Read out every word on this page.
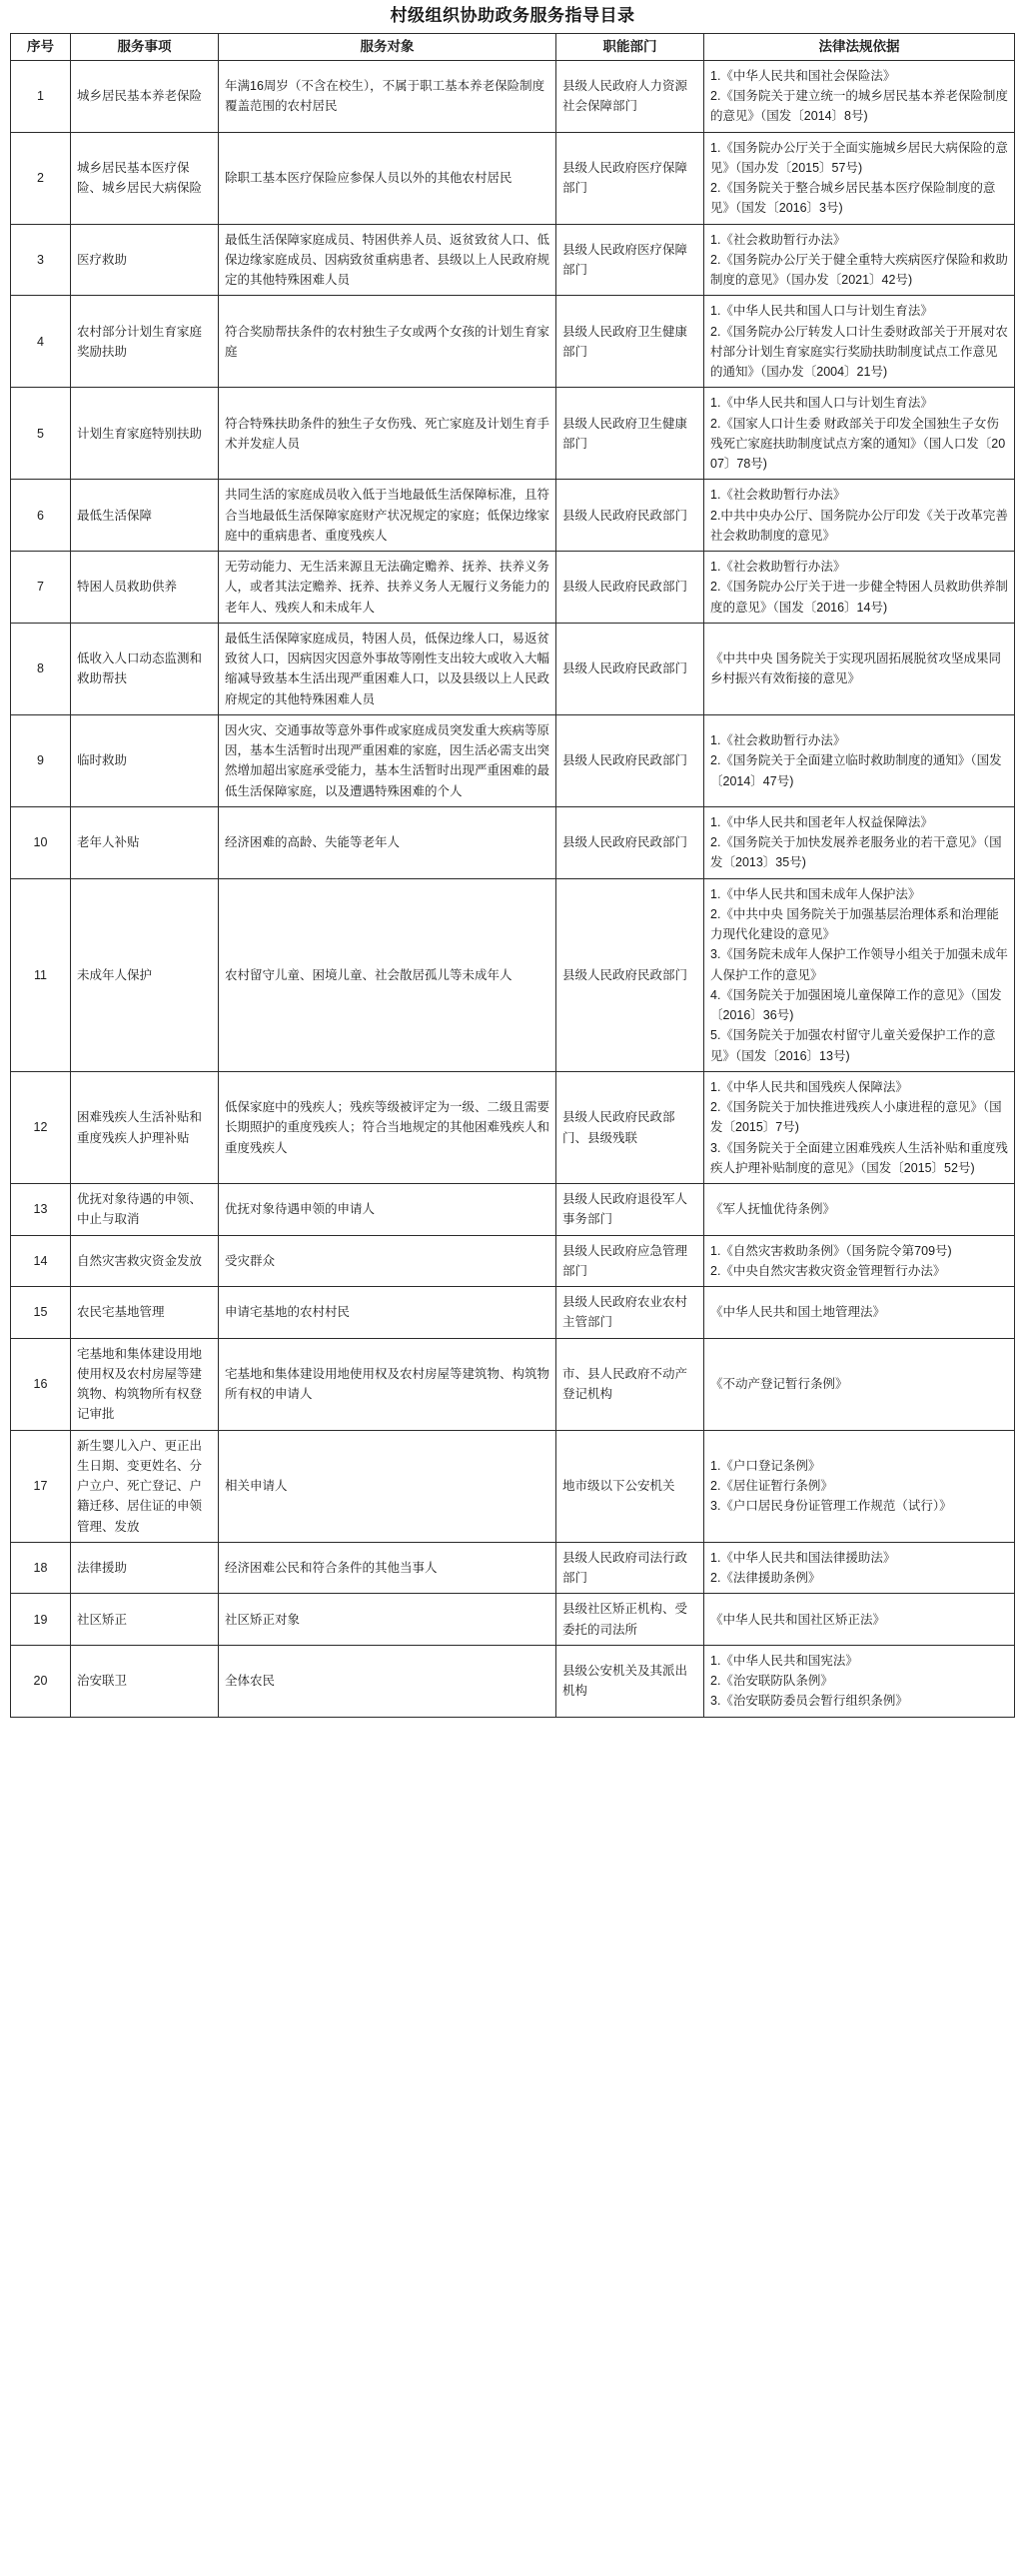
村级组织协助政务服务指导目录
序号	服务事项	服务对象	职能部门	法律法规依据
1	城乡居民基本养老保险	年满16周岁（不含在校生），不属于职工基本养老保险制度覆盖范围的农村居民	县级人民政府人力资源社会保障部门	1.《中华人民共和国社会保险法》
2.《国务院关于建立统一的城乡居民基本养老保险制度的意见》（国发〔2014〕8号)

2	城乡居民基本医疗保险、城乡居民大病保险	除职工基本医疗保险应参保人员以外的其他农村居民	县级人民政府医疗保障部门	1.《国务院办公厅关于全面实施城乡居民大病保险的意见》（国办发〔2015〕57号)
2.《国务院关于整合城乡居民基本医疗保险制度的意见》（国发〔2016〕3号)

3	医疗救助	最低生活保障家庭成员、特困供养人员、返贫致贫人口、低保边缘家庭成员、因病致贫重病患者、县级以上人民政府规定的其他特殊困难人员	县级人民政府医疗保障部门	1.《社会救助暂行办法》
2.《国务院办公厅关于健全重特大疾病医疗保险和救助制度的意见》（国办发〔2021〕42号)

4	农村部分计划生育家庭奖励扶助	符合奖励帮扶条件的农村独生子女或两个女孩的计划生育家庭	县级人民政府卫生健康部门	1.《中华人民共和国人口与计划生育法》
2.《国务院办公厅转发人口计生委财政部关于开展对农村部分计划生育家庭实行奖励扶助制度试点工作意见的通知》（国办发〔2004〕21号)

5	计划生育家庭特别扶助	符合特殊扶助条件的独生子女伤残、死亡家庭及计划生育手术并发症人员	县级人民政府卫生健康部门	1.《中华人民共和国人口与计划生育法》
2.《国家人口计生委 财政部关于印发全国独生子女伤残死亡家庭扶助制度试点方案的通知》（国人口发〔2007〕78号)

6	最低生活保障	共同生活的家庭成员收入低于当地最低生活保障标准，且符合当地最低生活保障家庭财产状况规定的家庭；低保边缘家庭中的重病患者、重度残疾人	县级人民政府民政部门	1.《社会救助暂行办法》
2.中共中央办公厅、国务院办公厅印发《关于改革完善社会救助制度的意见》

7	特困人员救助供养	无劳动能力、无生活来源且无法确定赡养、抚养、扶养义务人，或者其法定赡养、抚养、扶养义务人无履行义务能力的老年人、残疾人和未成年人	县级人民政府民政部门	1.《社会救助暂行办法》
2.《国务院办公厅关于进一步健全特困人员救助供养制度的意见》（国发〔2016〕14号)

8	低收入人口动态监测和救助帮扶	最低生活保障家庭成员，特困人员，低保边缘人口，易返贫致贫人口，因病因灾因意外事故等刚性支出较大或收入大幅缩减导致基本生活出现严重困难人口，以及县级以上人民政府规定的其他特殊困难人员	县级人民政府民政部门	《中共中央 国务院关于实现巩固拓展脱贫攻坚成果同乡村振兴有效衔接的意见》

9	临时救助	因火灾、交通事故等意外事件或家庭成员突发重大疾病等原因，基本生活暂时出现严重困难的家庭，因生活必需支出突然增加超出家庭承受能力，基本生活暂时出现严重困难的最低生活保障家庭，以及遭遇特殊困难的个人	县级人民政府民政部门	1.《社会救助暂行办法》
2.《国务院关于全面建立临时救助制度的通知》（国发〔2014〕47号)

10	老年人补贴	经济困难的高龄、失能等老年人	县级人民政府民政部门	1.《中华人民共和国老年人权益保障法》
2.《国务院关于加快发展养老服务业的若干意见》（国发〔2013〕35号)

11	未成年人保护	农村留守儿童、困境儿童、社会散居孤儿等未成年人	县级人民政府民政部门	1.《中华人民共和国未成年人保护法》
2.《中共中央 国务院关于加强基层治理体系和治理能力现代化建设的意见》
3.《国务院未成年人保护工作领导小组关于加强未成年人保护工作的意见》
4.《国务院关于加强困境儿童保障工作的意见》（国发〔2016〕36号)
5.《国务院关于加强农村留守儿童关爱保护工作的意见》（国发〔2016〕13号)

12	困难残疾人生活补贴和重度残疾人护理补贴	低保家庭中的残疾人；残疾等级被评定为一级、二级且需要长期照护的重度残疾人；符合当地规定的其他困难残疾人和重度残疾人	县级人民政府民政部门、县级残联	1.《中华人民共和国残疾人保障法》
2.《国务院关于加快推进残疾人小康进程的意见》（国发〔2015〕7号)
3.《国务院关于全面建立困难残疾人生活补贴和重度残疾人护理补贴制度的意见》（国发〔2015〕52号)

13	优抚对象待遇的申领、中止与取消	优抚对象待遇申领的申请人	县级人民政府退役军人事务部门	《军人抚恤优待条例》

14	自然灾害救灾资金发放	受灾群众	县级人民政府应急管理部门	1.《自然灾害救助条例》（国务院令第709号)
2.《中央自然灾害救灾资金管理暂行办法》

15	农民宅基地管理	申请宅基地的农村村民	县级人民政府农业农村主管部门	《中华人民共和国土地管理法》

16	宅基地和集体建设用地使用权及农村房屋等建筑物、构筑物所有权登记审批	宅基地和集体建设用地使用权及农村房屋等建筑物、构筑物所有权的申请人	市、县人民政府不动产登记机构	《不动产登记暂行条例》

17	新生婴儿入户、更正出生日期、变更姓名、分户立户、死亡登记、户籍迁移、居住证的申领管理、发放	相关申请人	地市级以下公安机关	1.《户口登记条例》
2.《居住证暂行条例》
3.《户口居民身份证管理工作规范（试行）》

18	法律援助	经济困难公民和符合条件的其他当事人	县级人民政府司法行政部门	1.《中华人民共和国法律援助法》
2.《法律援助条例》

19	社区矫正	社区矫正对象	县级社区矫正机构、受委托的司法所	《中华人民共和国社区矫正法》

20	治安联卫	全体农民	县级公安机关及其派出机构	1.《中华人民共和国宪法》
2.《治安联防队条例》
3.《治安联防委员会暂行组织条例》
